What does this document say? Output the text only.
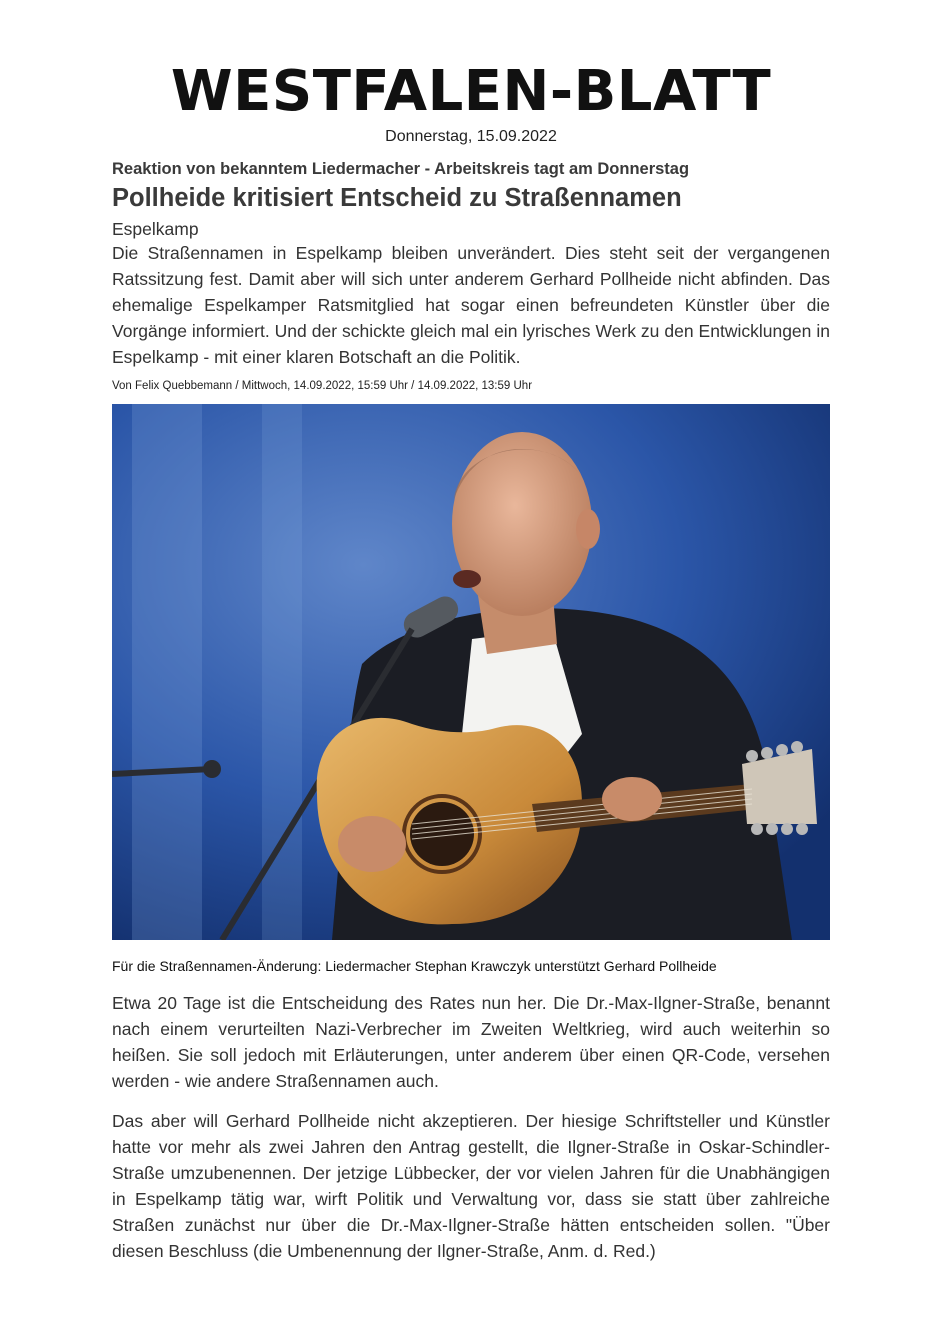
WESTFALEN-BLATT
Donnerstag, 15.09.2022
Reaktion von bekanntem Liedermacher - Arbeitskreis tagt am Donnerstag
Pollheide kritisiert Entscheid zu Straßennamen
Espelkamp
Die Straßennamen in Espelkamp bleiben unverändert. Dies steht seit der vergangenen Ratssitzung fest. Damit aber will sich unter anderem Gerhard Pollheide nicht abfinden. Das ehemalige Espelkamper Ratsmitglied hat sogar einen befreundeten Künstler über die Vorgänge informiert. Und der schickte gleich mal ein lyrisches Werk zu den Entwicklungen in Espelkamp - mit einer klaren Botschaft an die Politik.
Von Felix Quebbemann / Mittwoch, 14.09.2022, 15:59 Uhr / 14.09.2022, 13:59 Uhr
Für die Straßennamen-Änderung: Liedermacher Stephan Krawczyk unterstützt Gerhard Pollheide

Etwa 20 Tage ist die Entscheidung des Rates nun her. Die Dr.-Max-Ilgner-Straße, benannt nach einem verurteilten Nazi-Verbrecher im Zweiten Weltkrieg, wird auch weiterhin so heißen. Sie soll jedoch mit Erläuterungen, unter anderem über einen QR-Code, versehen werden - wie andere Straßennamen auch.

Das aber will Gerhard Pollheide nicht akzeptieren. Der hiesige Schriftsteller und Künstler hatte vor mehr als zwei Jahren den Antrag gestellt, die Ilgner-Straße in Oskar-Schindler-Straße umzubenennen. Der jetzige Lübbecker, der vor vielen Jahren für die Unabhängigen in Espelkamp tätig war, wirft Politik und Verwaltung vor, dass sie statt über zahlreiche Straßen zunächst nur über die Dr.-Max-Ilgner-Straße hätten entscheiden sollen. "Über diesen Beschluss (die Umbenennung der Ilgner-Straße, Anm. d. Red.)
